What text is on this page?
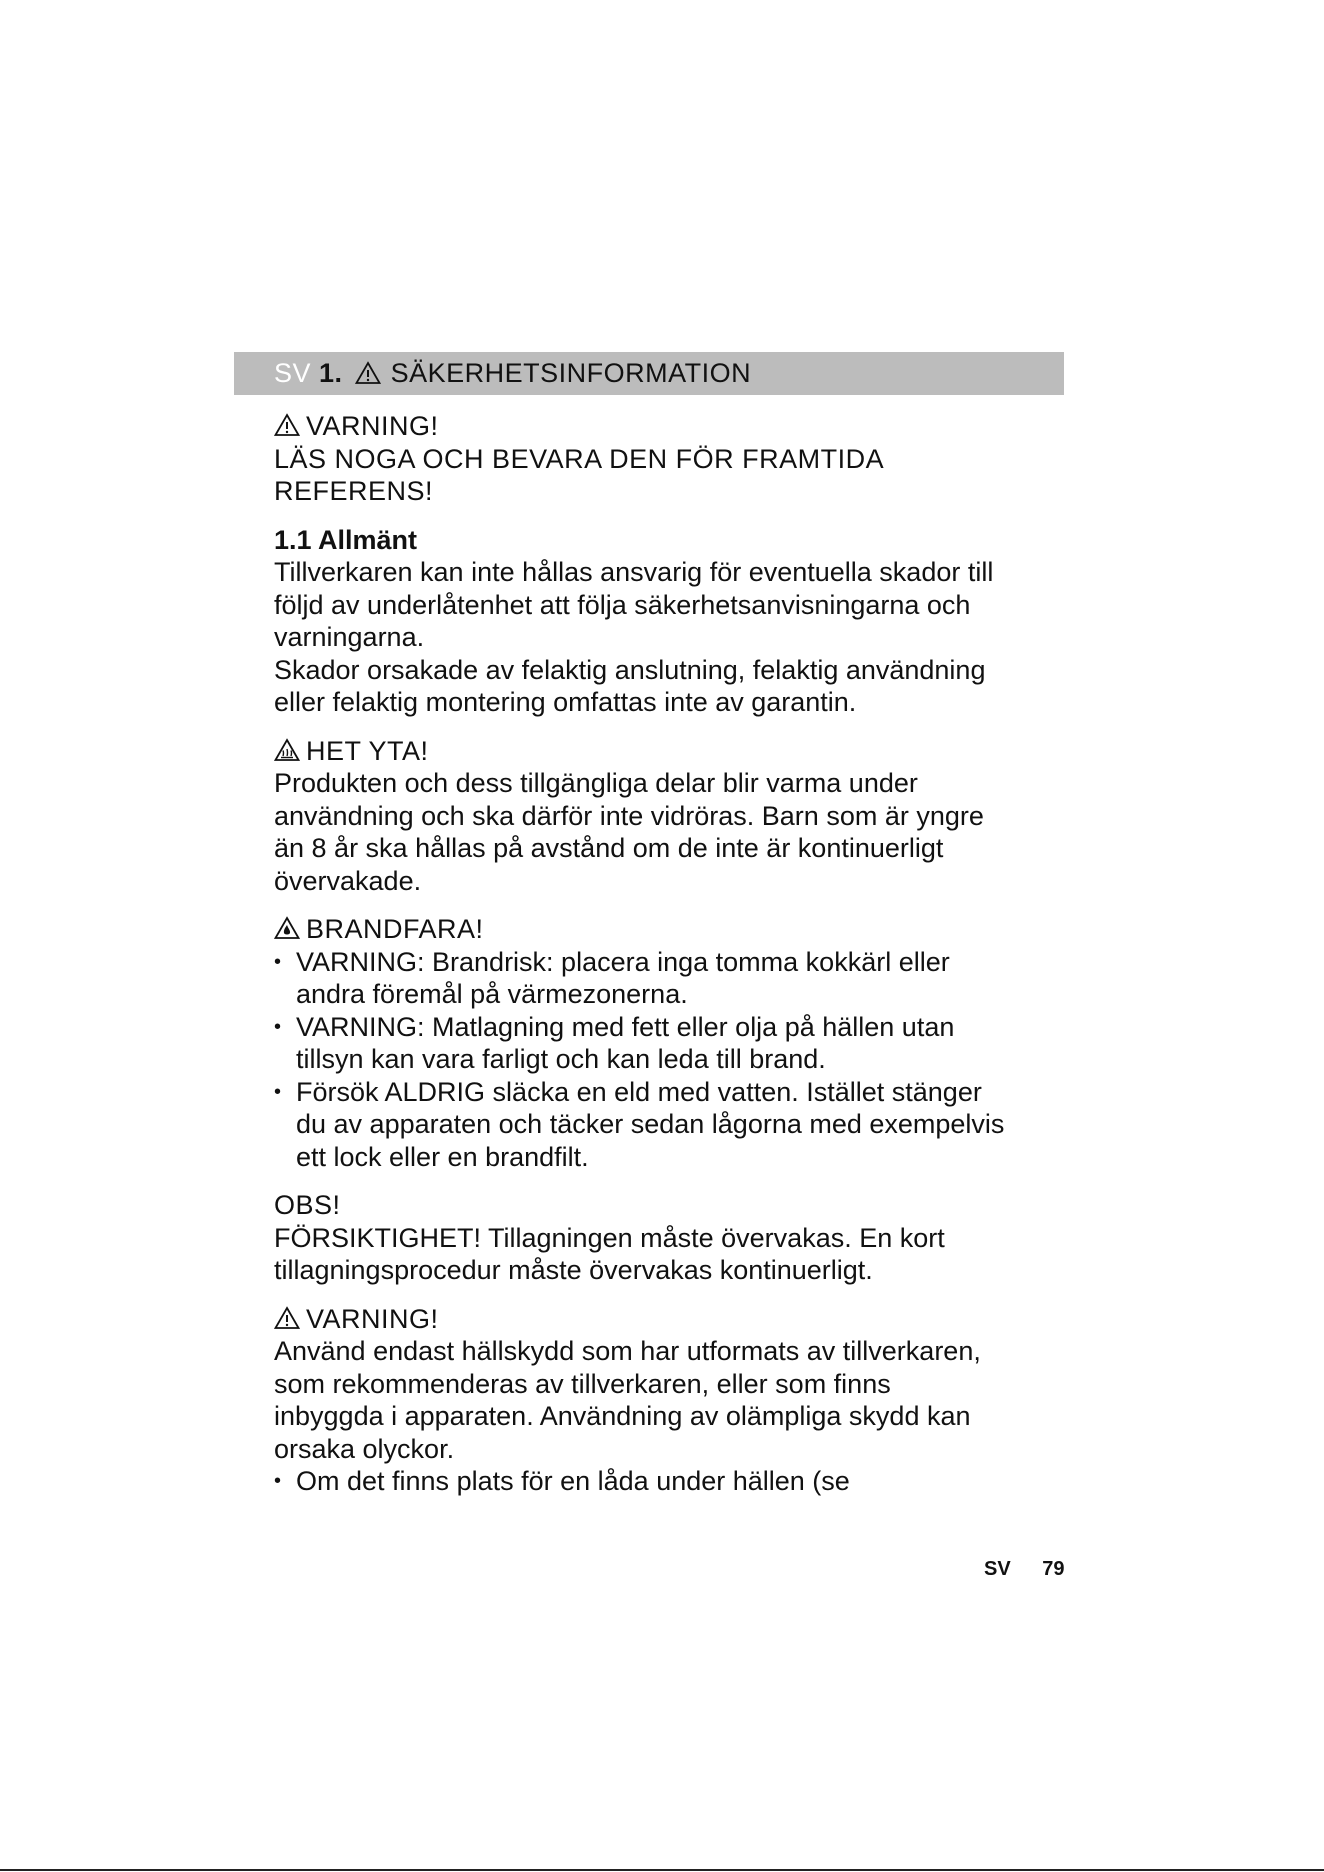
SV 1. SÄKERHETSINFORMATION
VARNING!
LÄS NOGA OCH BEVARA DEN FÖR FRAMTIDA
REFERENS!
1.1 Allmänt
Tillverkaren kan inte hållas ansvarig för eventuella skador till
följd av underlåtenhet att följa säkerhetsanvisningarna och
varningarna.
Skador orsakade av felaktig anslutning, felaktig användning
eller felaktig montering omfattas inte av garantin.
HET YTA!
Produkten och dess tillgängliga delar blir varma under
användning och ska därför inte vidröras. Barn som är yngre
än 8 år ska hållas på avstånd om de inte är kontinuerligt
övervakade.
BRANDFARA!
• VARNING: Brandrisk: placera inga tomma kokkärl eller
andra föremål på värmezonerna.
• VARNING: Matlagning med fett eller olja på hällen utan
tillsyn kan vara farligt och kan leda till brand.
• Försök ALDRIG släcka en eld med vatten. Istället stänger
du av apparaten och täcker sedan lågorna med exempelvis
ett lock eller en brandfilt.
OBS!
FÖRSIKTIGHET! Tillagningen måste övervakas. En kort
tillagningsprocedur måste övervakas kontinuerligt.
VARNING!
Använd endast hällskydd som har utformats av tillverkaren,
som rekommenderas av tillverkaren, eller som finns
inbyggda i apparaten. Användning av olämpliga skydd kan
orsaka olyckor.
• Om det finns plats för en låda under hällen (se
SV 79
